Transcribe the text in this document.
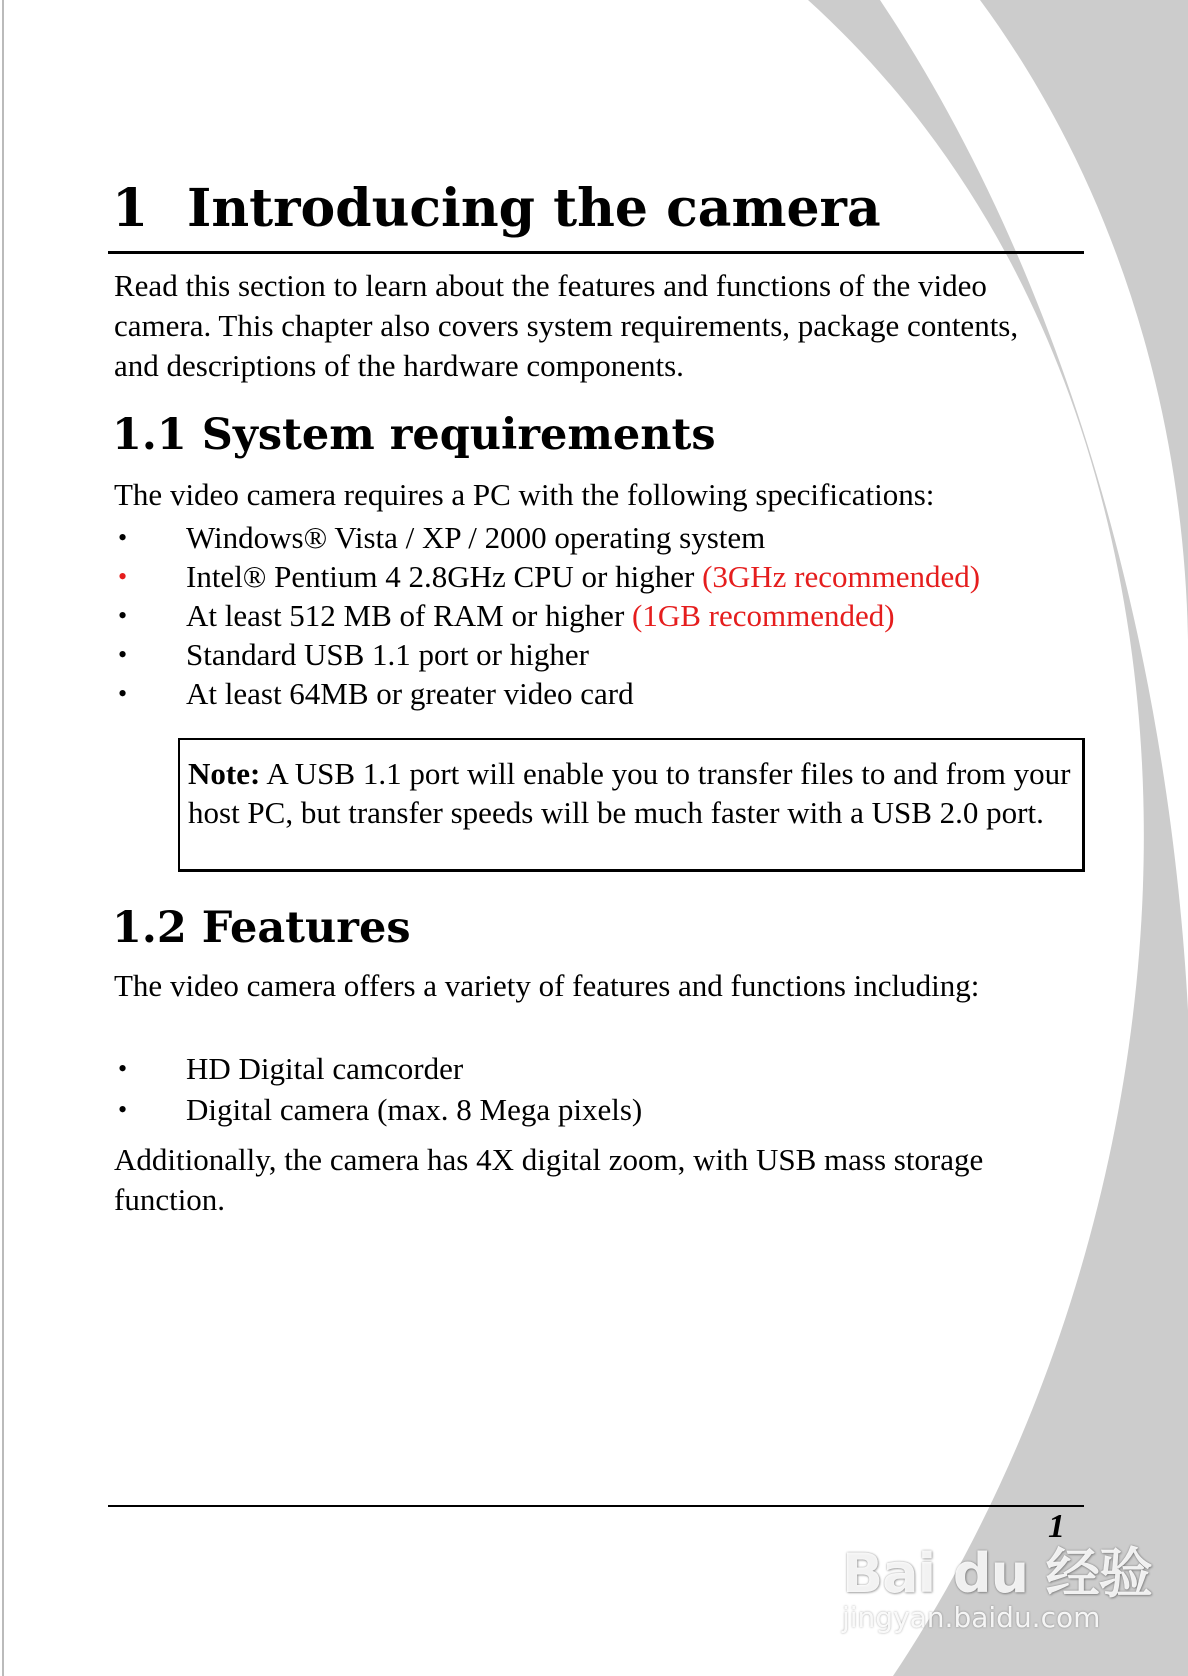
1 Introducing the camera

Read this section to learn about the features and functions of the video camera. This chapter also covers system requirements, package contents, and descriptions of the hardware components.

1.1 System requirements

The video camera requires a PC with the following specifications:

• Windows® Vista / XP / 2000 operating system
• Intel® Pentium 4 2.8GHz CPU or higher (3GHz recommended)
• At least 512 MB of RAM or higher (1GB recommended)
• Standard USB 1.1 port or higher
• At least 64MB or greater video card
Note: A USB 1.1 port will enable you to transfer files to and from your host PC, but transfer speeds will be much faster with a USB 2.0 port.
1.2 Features

The video camera offers a variety of features and functions including:

• HD Digital camcorder
• Digital camera (max. 8 Mega pixels)

Additionally, the camera has 4X digital zoom, with USB mass storage function.

1
Bai du 经验
jingyan.baidu.com
